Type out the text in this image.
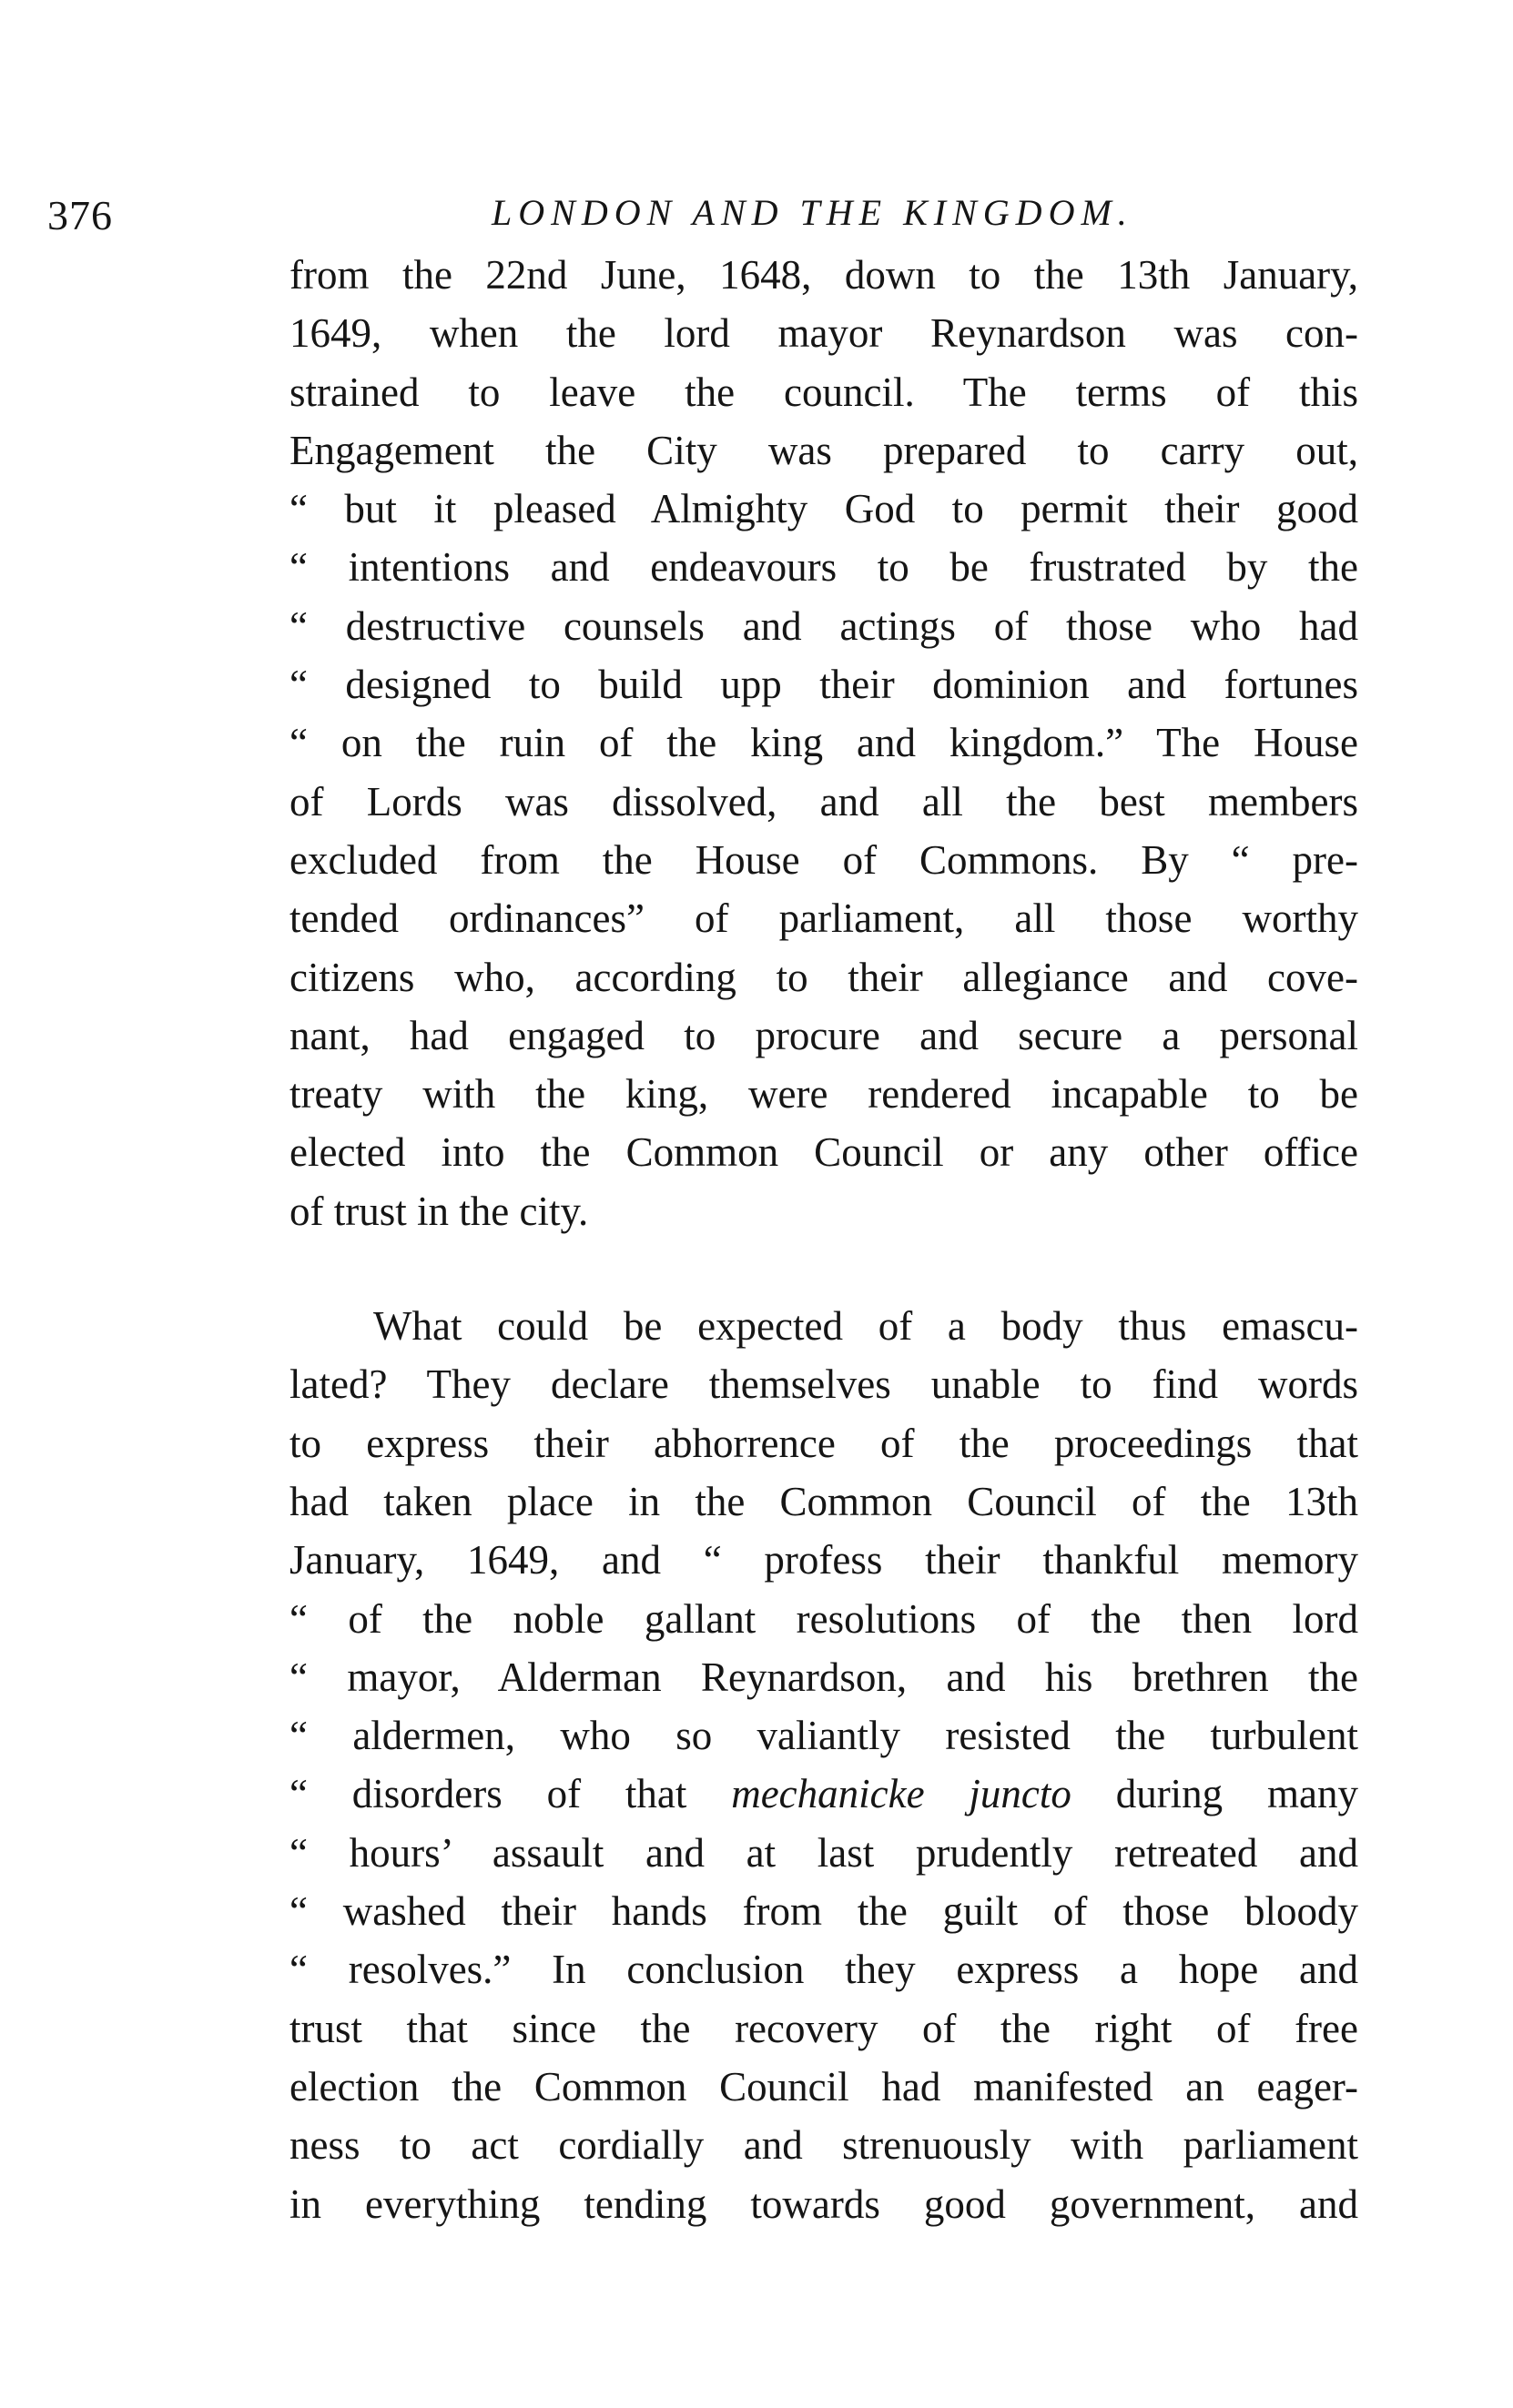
376	LONDON AND THE KINGDOM.
from the 22nd June, 1648, down to the 13th January,
1649, when the lord mayor Reynardson was con-
strained to leave the council. The terms of this
Engagement the City was prepared to carry out,
“ but it pleased Almighty God to permit their good
“ intentions and endeavours to be frustrated by the
“ destructive counsels and actings of those who had
“ designed to build upp their dominion and fortunes
“ on the ruin of the king and kingdom.” The House
of Lords was dissolved, and all the best members
excluded from the House of Commons. By “ pre-
tended ordinances” of parliament, all those worthy
citizens who, according to their allegiance and cove-
nant, had engaged to procure and secure a personal
treaty with the king, were rendered incapable to be
elected into the Common Council or any other office
of trust in the city.
What could be expected of a body thus emascu-
lated? They declare themselves unable to find words
to express their abhorrence of the proceedings that
had taken place in the Common Council of the 13th
January, 1649, and “ profess their thankful memory
“ of the noble gallant resolutions of the then lord
“ mayor, Alderman Reynardson, and his brethren the
“ aldermen, who so valiantly resisted the turbulent
“ disorders of that mechanicke juncto during many
“ hours’ assault and at last prudently retreated and
“ washed their hands from the guilt of those bloody
“ resolves.” In conclusion they express a hope and
trust that since the recovery of the right of free
election the Common Council had manifested an eager-
ness to act cordially and strenuously with parliament
in everything tending towards good government, and
